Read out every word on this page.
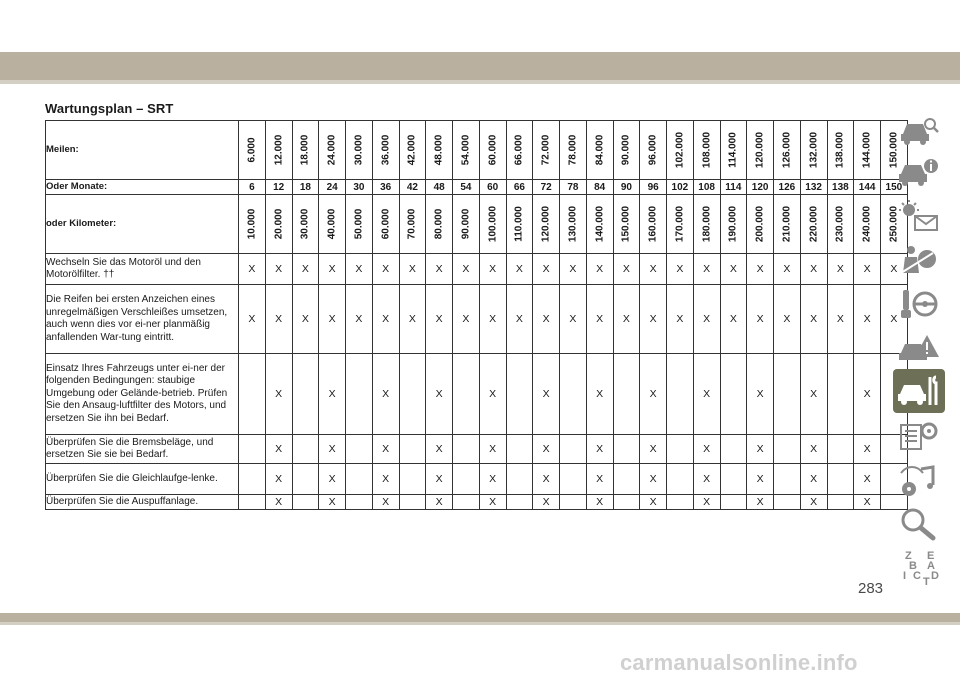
Wartungsplan – SRT
Meilen:	6.000	12.000	18.000	24.000	30.000	36.000	42.000	48.000	54.000	60.000	66.000	72.000	78.000	84.000	90.000	96.000	102.000	108.000	114.000	120.000	126.000	132.000	138.000	144.000	150.000

Oder Monate:	6	12	18	24	30	36	42	48	54	60	66	72	78	84	90	96	102	108	114	120	126	132	138	144	150
oder Kilometer:	10.000	20.000	30.000	40.000	50.000	60.000	70.000	80.000	90.000	100.000	110.000	120.000	130.000	140.000	150.000	160.000	170.000	180.000	190.000	200.000	210.000	220.000	230.000	240.000	250.000

Wechseln Sie das Motoröl und den Motorölfilter. ††	X	X	X	X	X	X	X	X	X	X	X	X	X	X	X	X	X	X	X	X	X	X	X	X	X
Die Reifen bei ersten Anzeichen eines unregelmäßigen Verschleißes umsetzen, auch wenn dies vor ei-ner planmäßig anfallenden War-tung eintritt.	X	X	X	X	X	X	X	X	X	X	X	X	X	X	X	X	X	X	X	X	X	X	X	X	X
Einsatz Ihres Fahrzeugs unter ei-ner der folgenden Bedingungen: staubige Umgebung oder Gelände-betrieb. Prüfen Sie den Ansaug-luftfilter des Motors, und ersetzen Sie ihn bei Bedarf.		X		X		X		X		X		X		X		X		X		X		X		X	
Überprüfen Sie die Bremsbeläge, und ersetzen Sie sie bei Bedarf.		X		X		X		X		X		X		X		X		X		X		X		X	
Überprüfen Sie die Gleichlaufge-lenke.		X		X		X		X		X		X		X		X		X		X		X		X	
Überprüfen Sie die Auspuffanlage.		X		X		X		X		X		X		X		X		X		X		X		X	
Z E
B A
I C D
T
283
carmanualsonline.info
